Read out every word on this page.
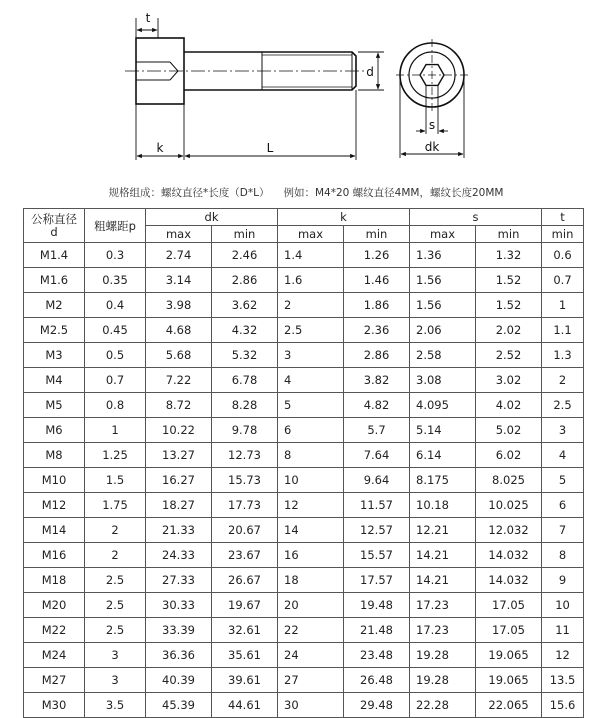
t
k	L
d
s
dk
规格组成：螺纹直径*长度（D*L） 例如：M4*20 螺纹直径4MM，螺纹长度20MM
公称直径
d	粗螺距p	dk		k		s		t
		max	min	max	min	max	min	min
M1.4	0.3	2.74	2.46	1.4	1.26	1.36	1.32	0.6
M1.6	0.35	3.14	2.86	1.6	1.46	1.56	1.52	0.7
M2	0.4	3.98	3.62	2	1.86	1.56	1.52	1
M2.5	0.45	4.68	4.32	2.5	2.36	2.06	2.02	1.1
M3	0.5	5.68	5.32	3	2.86	2.58	2.52	1.3
M4	0.7	7.22	6.78	4	3.82	3.08	3.02	2
M5	0.8	8.72	8.28	5	4.82	4.095	4.02	2.5
M6	1	10.22	9.78	6	5.7	5.14	5.02	3
M8	1.25	13.27	12.73	8	7.64	6.14	6.02	4
M10	1.5	16.27	15.73	10	9.64	8.175	8.025	5
M12	1.75	18.27	17.73	12	11.57	10.18	10.025	6
M14	2	21.33	20.67	14	12.57	12.21	12.032	7
M16	2	24.33	23.67	16	15.57	14.21	14.032	8
M18	2.5	27.33	26.67	18	17.57	14.21	14.032	9
M20	2.5	30.33	19.67	20	19.48	17.23	17.05	10
M22	2.5	33.39	32.61	22	21.48	17.23	17.05	11
M24	3	36.36	35.61	24	23.48	19.28	19.065	12
M27	3	40.39	39.61	27	26.48	19.28	19.065	13.5
M30	3.5	45.39	44.61	30	29.48	22.28	22.065	15.6
